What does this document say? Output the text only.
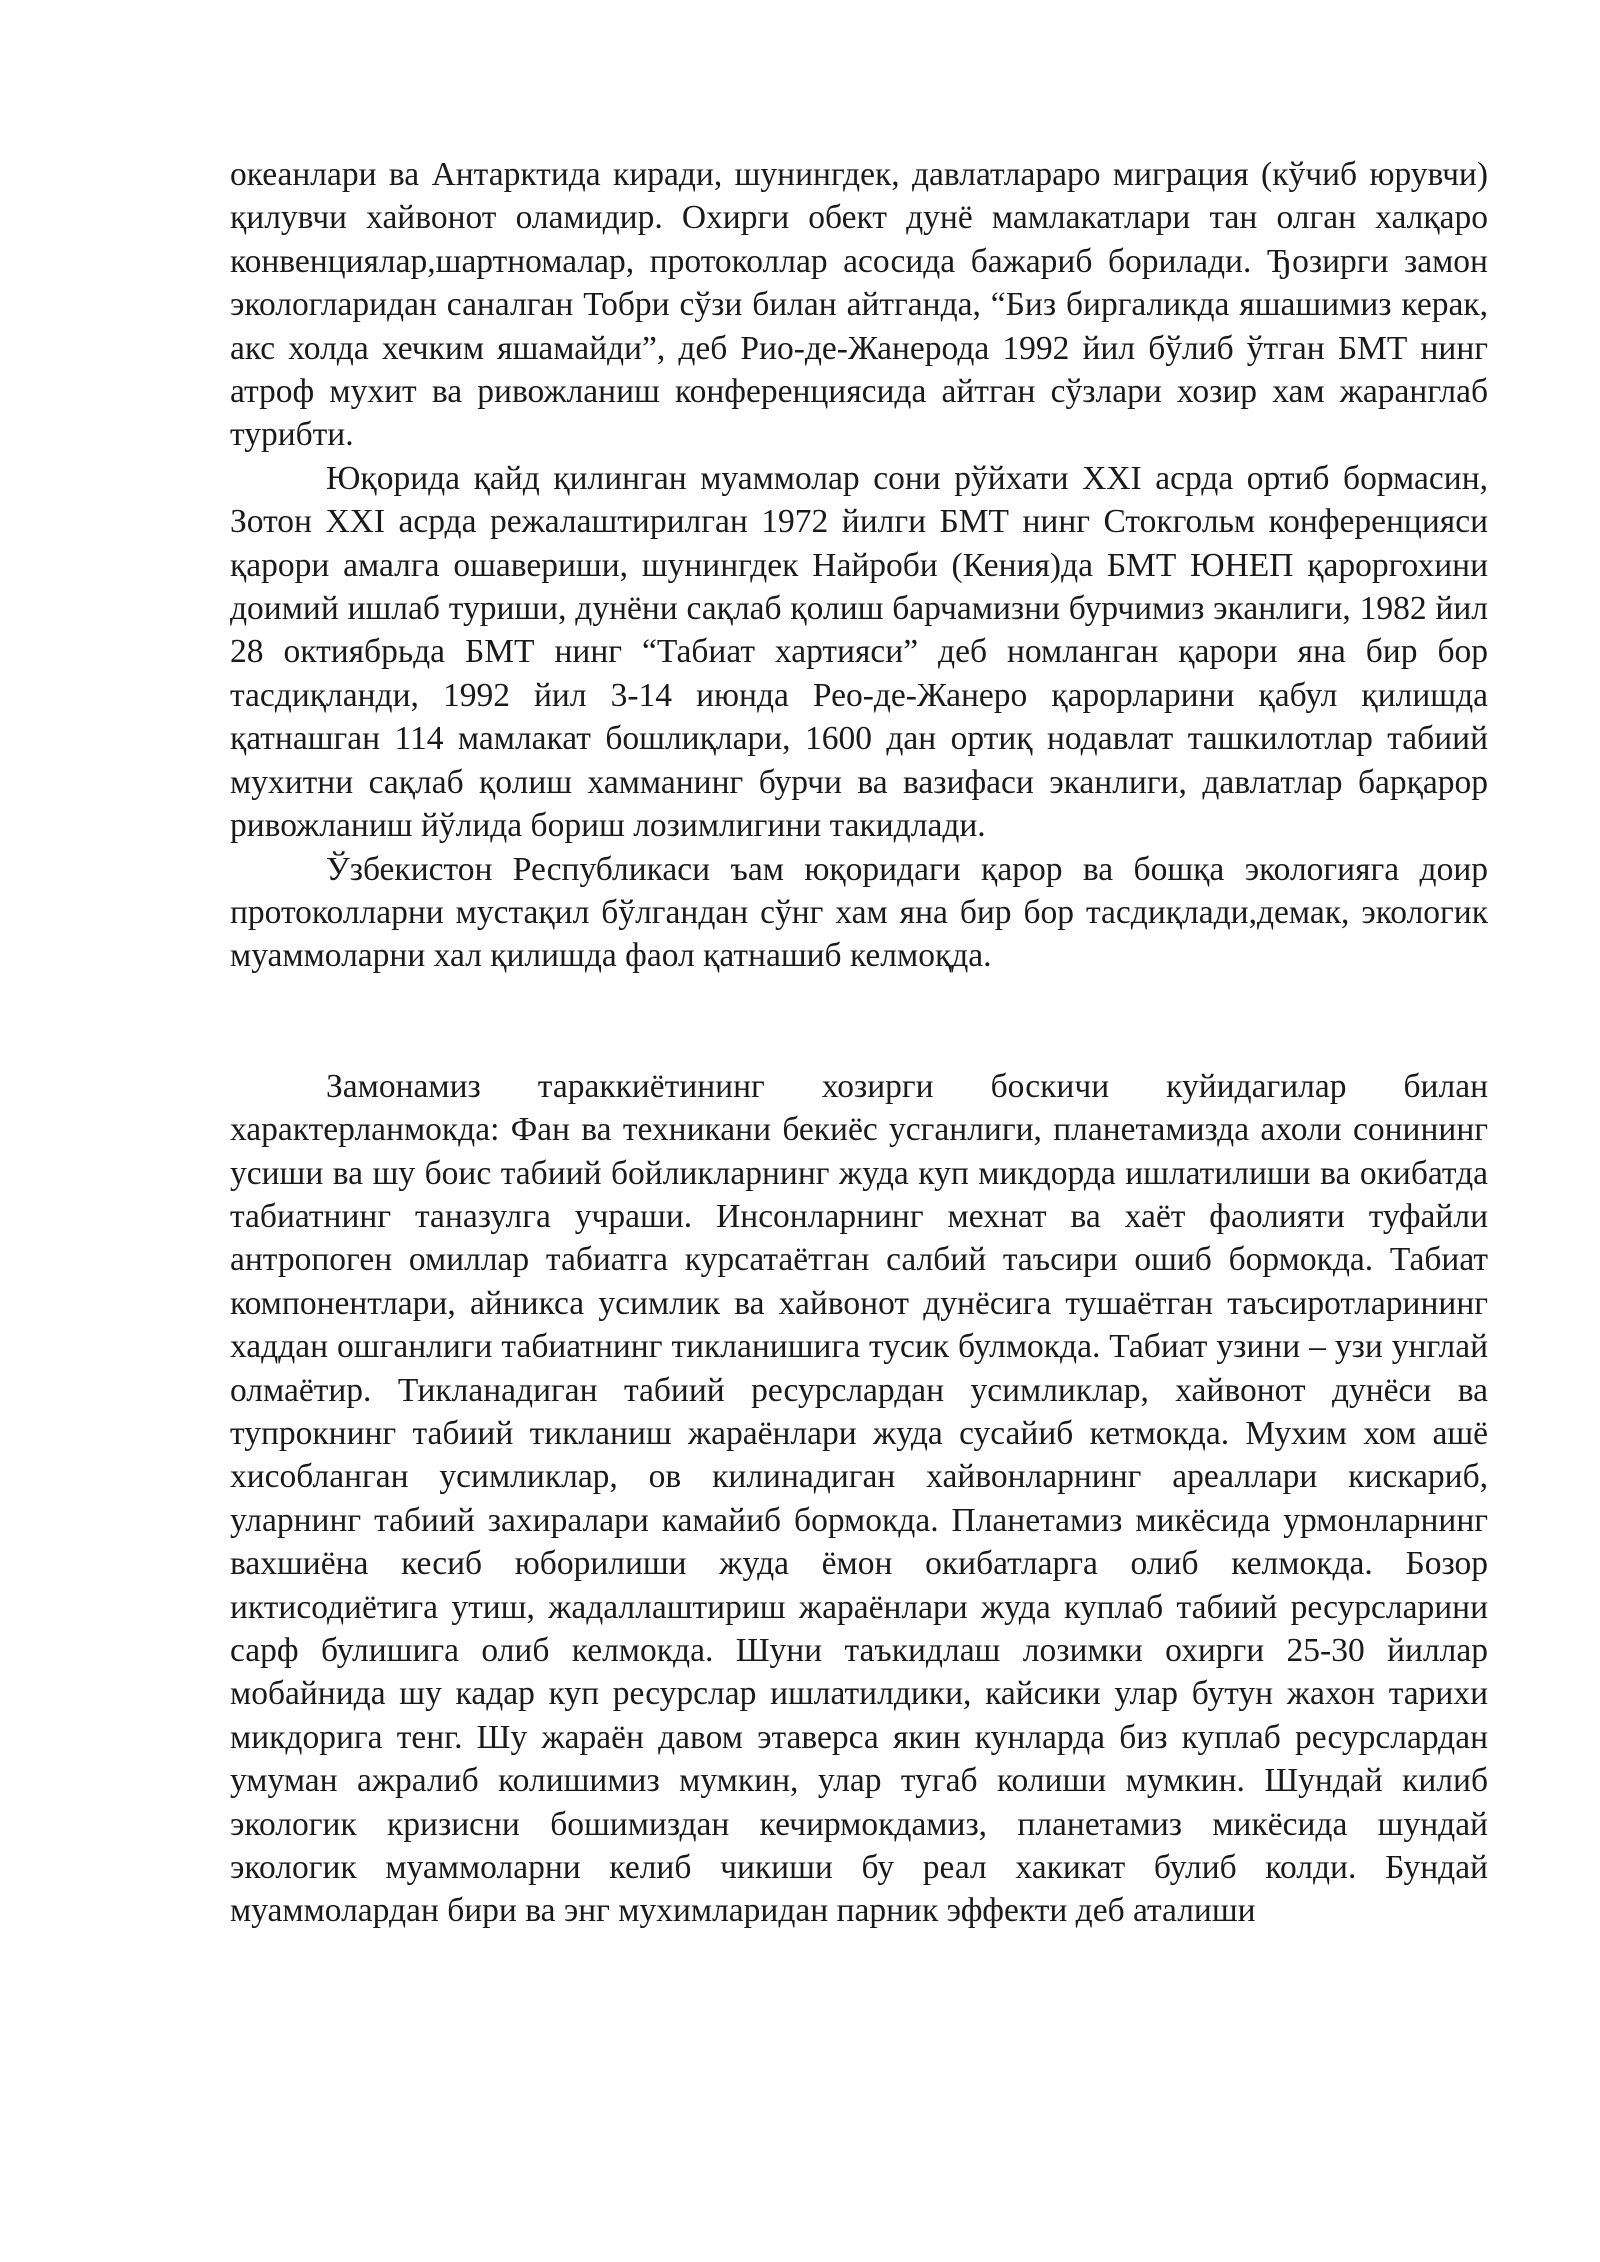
океанлари ва Антарктида киради, шунингдек, давлатлараро миграция (кўчиб юрувчи) қилувчи хайвонот оламидир. Охирги обект дунё мамлакатлари тан олган халқаро конвенциялар,шартномалар, протоколлар асосида бажариб борилади. Ђозирги замон экологларидан саналган Тобри сўзи билан айтганда, “Биз биргаликда яшашимиз керак, акс холда хечким яшамайди”, деб Рио-де-Жанерода 1992 йил бўлиб ўтган БМТ нинг атроф мухит ва ривожланиш конференциясида айтган сўзлари хозир хам жаранглаб турибти.

Юқорида қайд қилинган муаммолар сони рўйхати XXI асрда ортиб бормасин, Зотон XXI асрда режалаштирилган 1972 йилги БМТ нинг Стокгольм конференцияси қарори амалга ошавериши, шунингдек Найроби (Кения)да БМТ ЮНЕП қароргохини доимий ишлаб туриши, дунёни сақлаб қолиш барчамизни бурчимиз эканлиги, 1982 йил 28 октиябрьда БМТ нинг “Табиат хартияси” деб номланган қарори яна бир бор тасдиқланди, 1992 йил 3-14 июнда Рео-де-Жанеро қарорларини қабул қилишда қатнашган 114 мамлакат бошлиқлари, 1600 дан ортиқ нодавлат ташкилотлар табиий мухитни сақлаб қолиш хамманинг бурчи ва вазифаси эканлиги, давлатлар барқарор ривожланиш йўлида бориш лозимлигини такидлади.

Ўзбекистон Республикаси ъам юқоридаги қарор ва бошқа экологияга доир протоколларни мустақил бўлгандан сўнг хам яна бир бор тасдиқлади,демак, экологик муаммоларни хал қилишда фаол қатнашиб келмоқда.

Замонамиз тараккиётининг хозирги боскичи куйидагилар билан характерланмокда: Фан ва техникани бекиёс усганлиги, планетамизда ахоли сонининг усиши ва шу боис табиий бойликларнинг жуда куп микдорда ишлатилиши ва окибатда табиатнинг таназулга учраши. Инсонларнинг мехнат ва хаёт фаолияти туфайли антропоген омиллар табиатга курсатаётган салбий таъсири ошиб бормокда. Табиат компонентлари, айникса усимлик ва хайвонот дунёсига тушаётган таъсиротларининг хаддан ошганлиги табиатнинг тикланишига тусик булмокда. Табиат узини – узи унглай олмаётир. Тикланадиган табиий ресурслардан усимликлар, хайвонот дунёси ва тупрокнинг табиий тикланиш жараёнлари жуда сусайиб кетмокда. Мухим хом ашё хисобланган усимликлар, ов килинадиган хайвонларнинг ареаллари кискариб, уларнинг табиий захиралари камайиб бормокда. Планетамиз микёсида урмонларнинг вахшиёна кесиб юборилиши жуда ёмон окибатларга олиб келмокда. Бозор иктисодиётига утиш, жадаллаштириш жараёнлари жуда куплаб табиий ресурсларини сарф булишига олиб келмокда. Шуни таъкидлаш лозимки охирги 25-30 йиллар мобайнида шу кадар куп ресурслар ишлатилдики, кайсики улар бутун жахон тарихи микдорига тенг. Шу жараён давом этаверса якин кунларда биз куплаб ресурслардан умуман ажралиб колишимиз мумкин, улар тугаб колиши мумкин. Шундай килиб экологик кризисни бошимиздан кечирмокдамиз, планетамиз микёсида шундай экологик муаммоларни келиб чикиши бу реал хакикат булиб колди. Бундай муаммолардан бири ва энг мухимларидан парник эффекти деб аталиши
